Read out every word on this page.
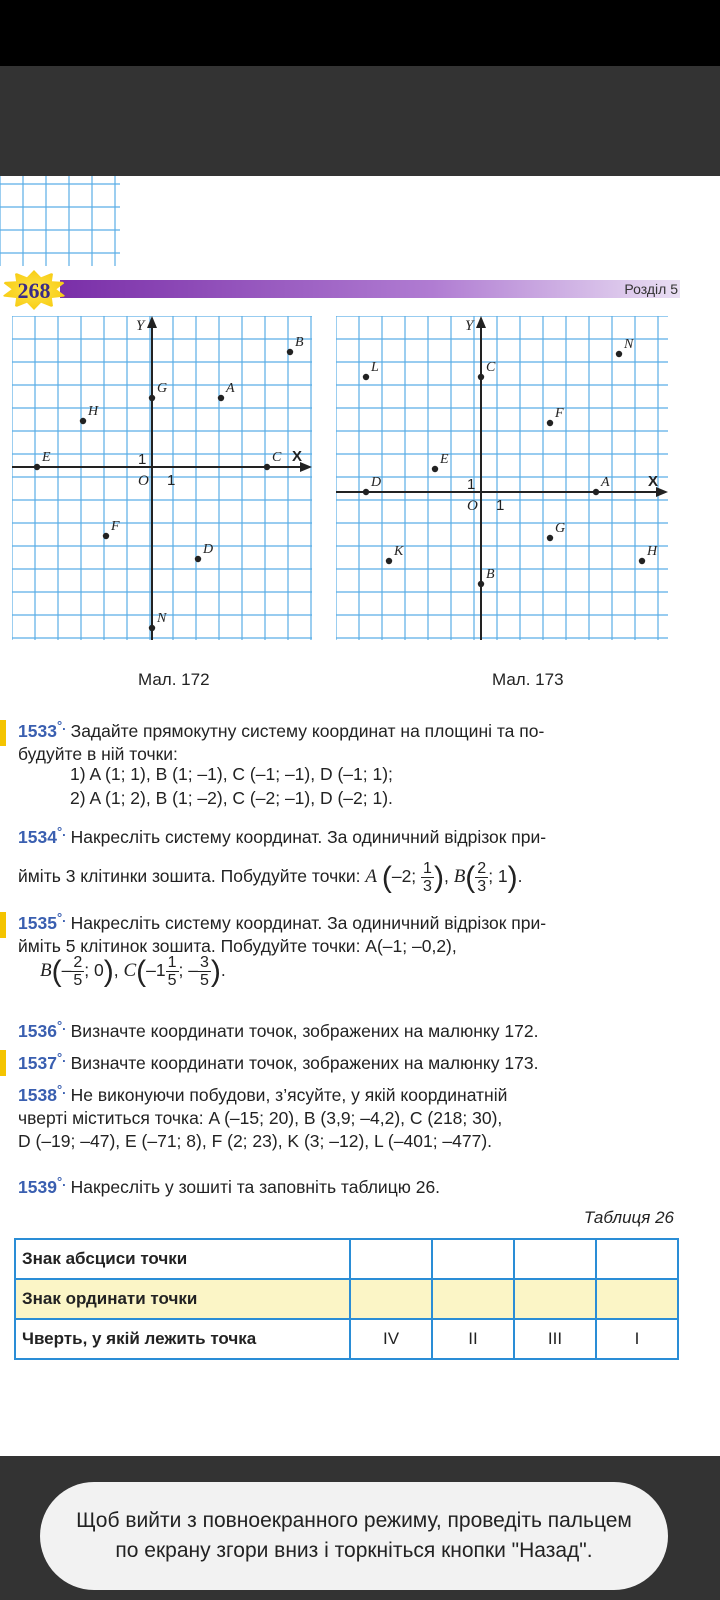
268	Розділ 5
X
Y
O 1
1
A
B
C
D
E
F
G
H
N
X
Y
O 1
1	A
B
C
D
E
F
G
H
K
L
N
Мал. 172	Мал. 173
1533°. Задайте прямокутну систему координат на площині та по-
будуйте в ній точки:
1) A (1; 1), B (1; –1), C (–1; –1), D (–1; 1);
2) A (1; 2), B (1; –2), C (–2; –1), D (–2; 1).
1534°. Накресліть систему координат. За одиничний відрізок при-
йміть 3 клітинки зошита. Побудуйте точки: A (–2; $\frac{1}{3}$), $B(\frac{2}{3}$; 1).
1535°. Накресліть систему координат. За одиничний відрізок при-
йміть 5 клітинок зошита. Побудуйте точки: A(–1; –0,2),
$B(-\frac{2}{5}$; 0), $C(-1\frac{1}{5}$; $-\frac{3}{5}$).
1536°. Визначте координати точок, зображених на малюнку 172.
1537°. Визначте координати точок, зображених на малюнку 173.
1538°. Не виконуючи побудови, з’ясуйте, у якій координатній
чверті міститься точка: A (–15; 20), B (3,9; –4,2), C (218; 30),
D (–19; –47), E (–71; 8), F (2; 23), K (3; –12), L (–401; –477).
1539°. Накресліть у зошиті та заповніть таблицю 26.
Таблиця 26
Знак абсциси точки				
Знак ординати точки				
Чверть, у якій лежить точка	IV	II	III	I
Щоб вийти з повноекранного режиму, проведіть пальцем по екрану згори вниз і торкніться кнопки "Назад".
